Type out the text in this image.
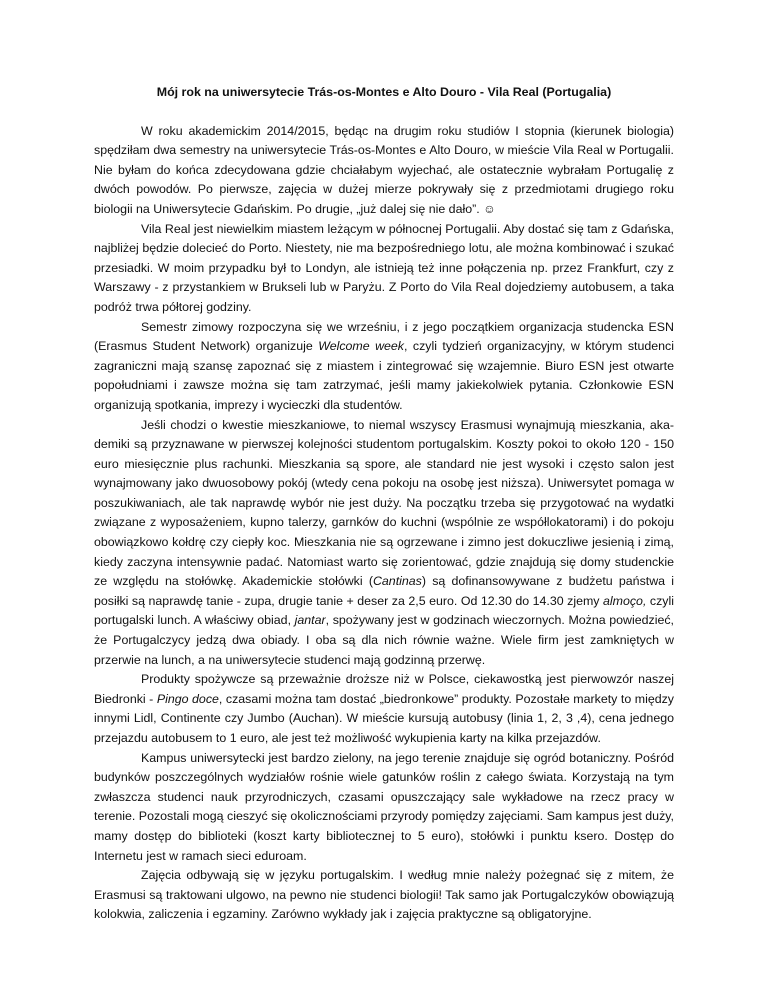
Mój rok na uniwersytecie Trás-os-Montes e Alto Douro - Vila Real (Portugalia)

W roku akademickim 2014/2015, będąc na drugim roku studiów I stopnia (kierunek biologia) spędziłam dwa semestry na uniwersytecie Trás-os-Montes e Alto Douro, w mieście Vila Real w Portugalii. Nie byłam do końca zdecydowana gdzie chciałabym wyjechać, ale ostatecznie wybrałam Portugalię z dwóch powodów. Po pierwsze, zajęcia w dużej mierze pokrywały się z przedmiotami drugiego roku biologii na Uniwersytecie Gdańskim. Po drugie, „już dalej się nie dało”. ☺

Vila Real jest niewielkim miastem leżącym w północnej Portugalii. Aby dostać się tam z Gdańska, najbliżej będzie dolecieć do Porto. Niestety, nie ma bezpośredniego lotu, ale można kombinować i szukać przesiadki. W moim przypadku był to Londyn, ale istnieją też inne połączenia np. przez Frankfurt, czy z Warszawy - z przystankiem w Brukseli lub w Paryżu. Z Porto do Vila Real dojedziemy autobusem, a taka podróż trwa półtorej godziny.

Semestr zimowy rozpoczyna się we wrześniu, i z jego początkiem organizacja studencka ESN (Erasmus Student Network) organizuje Welcome week, czyli tydzień organizacyjny, w którym studenci zagraniczni mają szansę zapoznać się z miastem i zintegrować się wzajemnie. Biuro ESN jest otwarte popołudniami i zawsze można się tam zatrzymać, jeśli mamy jakiekolwiek pytania. Członkowie ESN organizują spotkania, imprezy i wycieczki dla studentów.

Jeśli chodzi o kwestie mieszkaniowe, to niemal wszyscy Erasmusi wynajmują mieszkania, akademiki są przyznawane w pierwszej kolejności studentom portugalskim. Koszty pokoi to około 120 - 150 euro miesięcznie plus rachunki. Mieszkania są spore, ale standard nie jest wysoki i często salon jest wynajmowany jako dwuosobowy pokój (wtedy cena pokoju na osobę jest niższa). Uniwersytet pomaga w poszukiwaniach, ale tak naprawdę wybór nie jest duży. Na początku trzeba się przygotować na wydatki związane z wyposażeniem, kupno talerzy, garnków do kuchni (wspólnie ze współlokatorami) i do pokoju obowiązkowo kołdrę czy ciepły koc. Mieszkania nie są ogrzewane i zimno jest dokuczliwe jesienią i zimą, kiedy zaczyna intensywnie padać. Natomiast warto się zorientować, gdzie znajdują się domy studenckie ze względu na stołówkę. Akademickie stołówki (Cantinas) są dofinansowywane z budżetu państwa i posiłki są naprawdę tanie - zupa, drugie tanie + deser za 2,5 euro. Od 12.30 do 14.30 zjemy almoço, czyli portugalski lunch. A właściwy obiad, jantar, spożywany jest w godzinach wieczornych. Można powiedzieć, że Portugalczycy jedzą dwa obiady. I oba są dla nich równie ważne. Wiele firm jest zamkniętych w przerwie na lunch, a na uniwersytecie studenci mają godzinną przerwę.

Produkty spożywcze są przeważnie droższe niż w Polsce, ciekawostką jest pierwowzór naszej Biedronki - Pingo doce, czasami można tam dostać „biedronkowe” produkty. Pozostałe markety to między innymi Lidl, Continente czy Jumbo (Auchan). W mieście kursują autobusy (linia 1, 2, 3 ,4), cena jednego przejazdu autobusem to 1 euro, ale jest też możliwość wykupienia karty na kilka przejazdów.

Kampus uniwersytecki jest bardzo zielony, na jego terenie znajduje się ogród botaniczny. Pośród budynków poszczególnych wydziałów rośnie wiele gatunków roślin z całego świata. Korzystają na tym zwłaszcza studenci nauk przyrodniczych, czasami opuszczający sale wykładowe na rzecz pracy w terenie. Pozostali mogą cieszyć się okolicznościami przyrody pomiędzy zajęciami. Sam kampus jest duży, mamy dostęp do biblioteki (koszt karty bibliotecznej to 5 euro), stołówki i punktu ksero. Dostęp do Internetu jest w ramach sieci eduroam.

Zajęcia odbywają się w języku portugalskim. I według mnie należy pożegnać się z mitem, że Erasmusi są traktowani ulgowo, na pewno nie studenci biologii! Tak samo jak Portugalczyków obowiązują kolokwia, zaliczenia i egzaminy. Zarówno wykłady jak i zajęcia praktyczne są obligatoryjne.
